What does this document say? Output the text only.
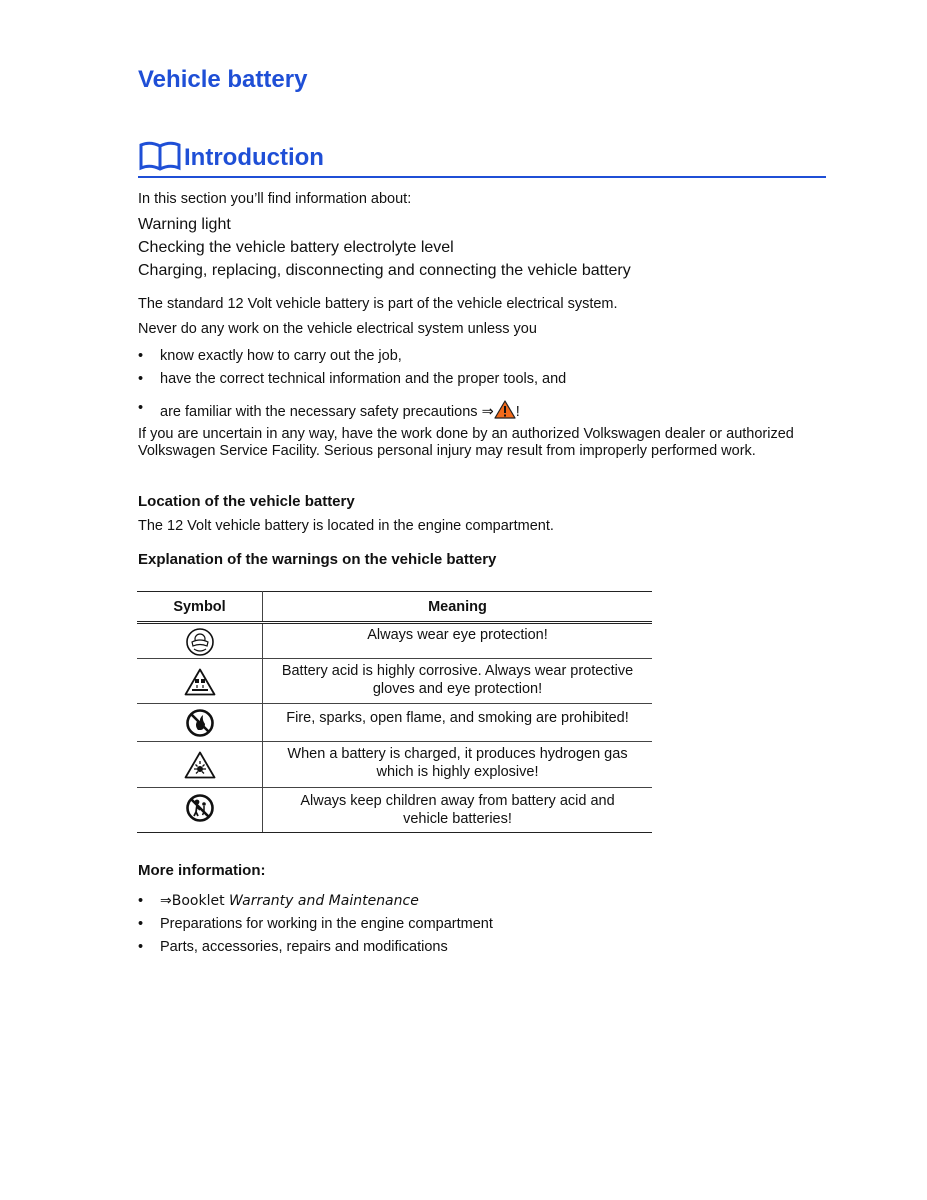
Vehicle battery
Introduction

In this section you’ll find information about:

Warning light

Checking the vehicle battery electrolyte level

Charging, replacing, disconnecting and connecting the vehicle battery

The standard 12 Volt vehicle battery is part of the vehicle electrical system.

Never do any work on the vehicle electrical system unless you

•	know exactly how to carry out the job,
•	have the correct technical information and the proper tools, and
•	are familiar with the necessary safety precautions ⇒ !

If you are uncertain in any way, have the work done by an authorized Volkswagen dealer or authorized Volkswagen Service Facility. Serious personal injury may result from improperly performed work.

Location of the vehicle battery

The 12 Volt vehicle battery is located in the engine compartment.

Explanation of the warnings on the vehicle battery
Symbol	Meaning

	Always wear eye protection!

	Battery acid is highly corrosive. Always wear protective gloves and eye protection!

	Fire, sparks, open flame, and smoking are prohibited!

	When a battery is charged, it produces hydrogen gas which is highly explosive!

	Always keep children away from battery acid and vehicle batteries!
More information:
•	⇒Booklet Warranty and Maintenance
•	Preparations for working in the engine compartment
•	Parts, accessories, repairs and modifications
